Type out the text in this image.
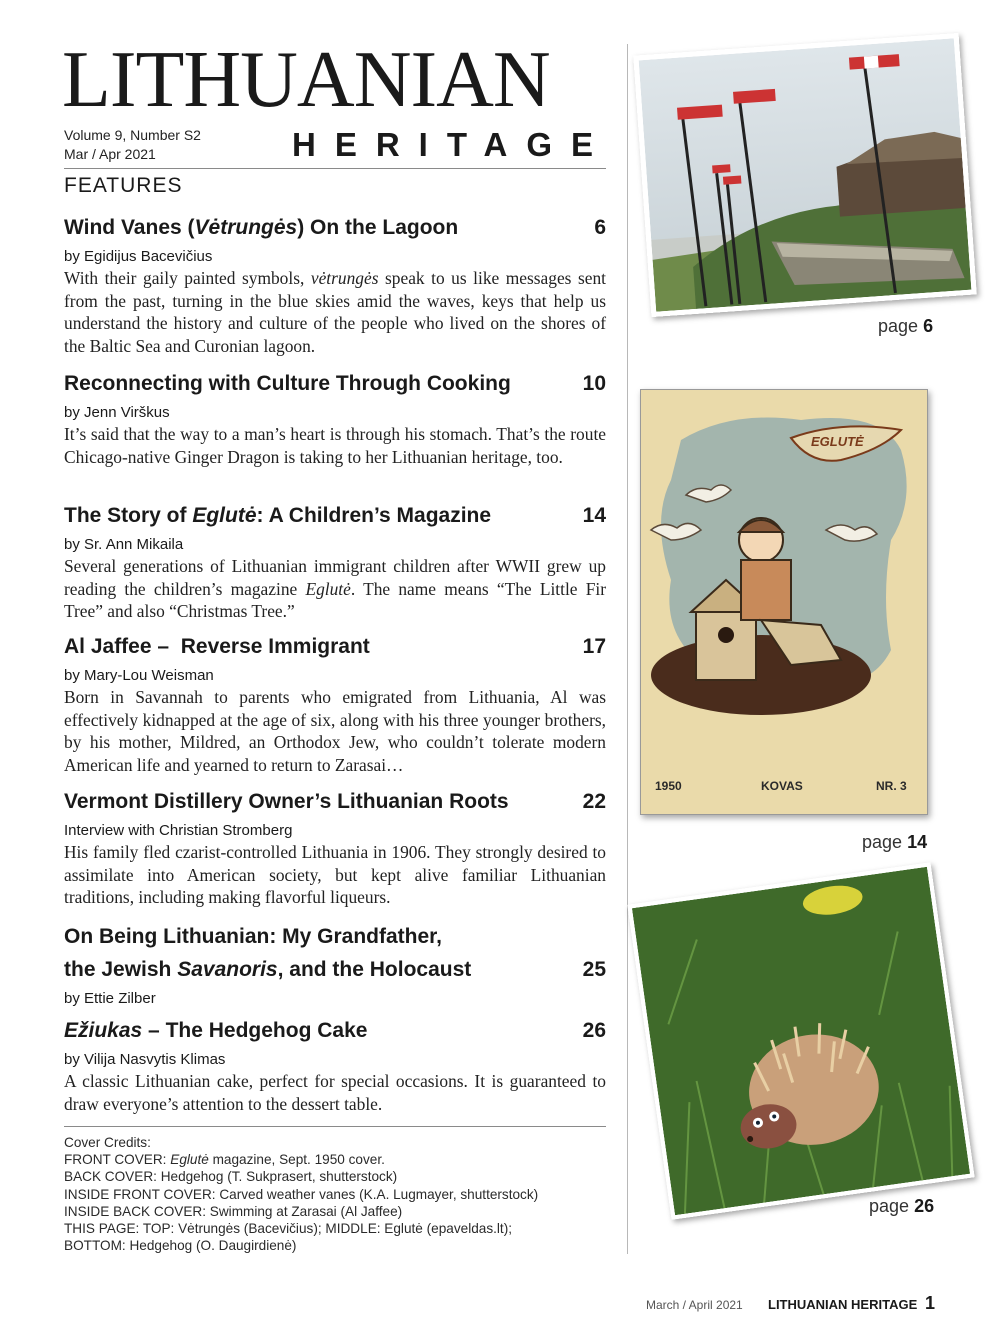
LITHUANIAN
Volume 9, Number S2
Mar / Apr 2021	HERITAGE
FEATURES
Wind Vanes (Vėtrungės) On the Lagoon	6
by Egidijus Bacevičius
With their gaily painted symbols, vėtrungės speak to us like messages sent from the past, turning in the blue skies amid the waves, keys that help us understand the history and culture of the people who lived on the shores of the Baltic Sea and Curonian lagoon.
Reconnecting with Culture Through Cooking	10
by Jenn Virškus
It’s said that the way to a man’s heart is through his stomach. That’s the route Chicago-native Ginger Dragon is taking to her Lithuanian heritage, too.
The Story of Eglutė: A Children’s Magazine	14
by Sr. Ann Mikaila
Several generations of Lithuanian immigrant children after WWII grew up reading the children’s magazine Eglutė. The name means “The Little Fir Tree” and also “Christmas Tree.”
Al Jaffee –  Reverse Immigrant	17
by Mary-Lou Weisman
Born in Savannah to parents who emigrated from Lithuania, Al was effectively kidnapped at the age of six, along with his three younger brothers, by his mother, Mildred, an Orthodox Jew, who couldn’t tolerate modern American life and yearned to return to Zarasai…
Vermont Distillery Owner’s Lithuanian Roots	22
Interview with Christian Stromberg
His family fled czarist-controlled Lithuania in 1906. They strongly desired to assimilate into American society, but kept alive familiar Lithuanian traditions, including making flavorful liqueurs.
On Being Lithuanian: My Grandfather,
the Jewish Savanoris, and the Holocaust	25
by Ettie Zilber
Ežiukas – The Hedgehog Cake	26
by Vilija Nasvytis Klimas
A classic Lithuanian cake, perfect for special occasions. It is guaranteed to draw everyone’s attention to the dessert table.
Cover Credits:
FRONT COVER: Eglutė magazine, Sept. 1950 cover.
BACK COVER: Hedgehog (T. Sukprasert, shutterstock)
INSIDE FRONT COVER: Carved weather vanes (K.A. Lugmayer, shutterstock)
INSIDE BACK COVER: Swimming at Zarasai (Al Jaffee)
THIS PAGE: TOP: Vėtrungės (Bacevičius); MIDDLE: Eglutė (epaveldas.lt);
BOTTOM: Hedgehog (O. Daugirdienė)
page 6
EGLUTĖ
1950	KOVAS	NR. 3
page 14
page 26
March / April 2021 LITHUANIAN HERITAGE 1
